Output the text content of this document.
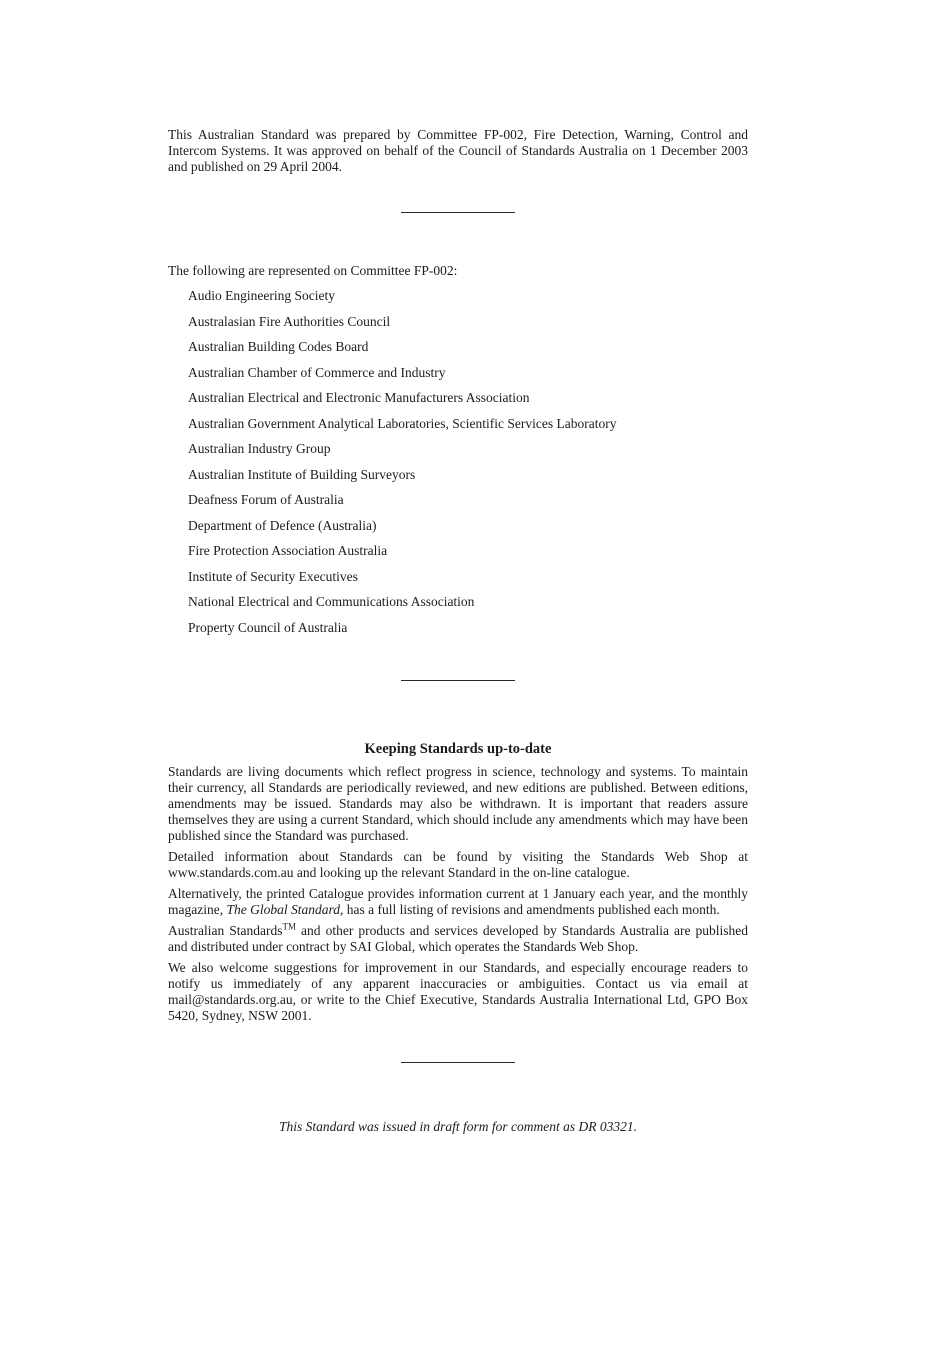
This Australian Standard was prepared by Committee FP-002, Fire Detection, Warning, Control and Intercom Systems. It was approved on behalf of the Council of Standards Australia on 1 December 2003 and published on 29 April 2004.

The following are represented on Committee FP-002:

Audio Engineering Society
Australasian Fire Authorities Council
Australian Building Codes Board
Australian Chamber of Commerce and Industry
Australian Electrical and Electronic Manufacturers Association
Australian Government Analytical Laboratories, Scientific Services Laboratory
Australian Industry Group
Australian Institute of Building Surveyors
Deafness Forum of Australia
Department of Defence (Australia)
Fire Protection Association Australia
Institute of Security Executives
National Electrical and Communications Association
Property Council of Australia
Keeping Standards up-to-date

Standards are living documents which reflect progress in science, technology and systems. To maintain their currency, all Standards are periodically reviewed, and new editions are published. Between editions, amendments may be issued. Standards may also be withdrawn. It is important that readers assure themselves they are using a current Standard, which should include any amendments which may have been published since the Standard was purchased.

Detailed information about Standards can be found by visiting the Standards Web Shop at www.standards.com.au and looking up the relevant Standard in the on-line catalogue.

Alternatively, the printed Catalogue provides information current at 1 January each year, and the monthly magazine, The Global Standard, has a full listing of revisions and amendments published each month.

Australian Standards™ and other products and services developed by Standards Australia are published and distributed under contract by SAI Global, which operates the Standards Web Shop.

We also welcome suggestions for improvement in our Standards, and especially encourage readers to notify us immediately of any apparent inaccuracies or ambiguities. Contact us via email at mail@standards.org.au, or write to the Chief Executive, Standards Australia International Ltd, GPO Box 5420, Sydney, NSW 2001.

This Standard was issued in draft form for comment as DR 03321.
